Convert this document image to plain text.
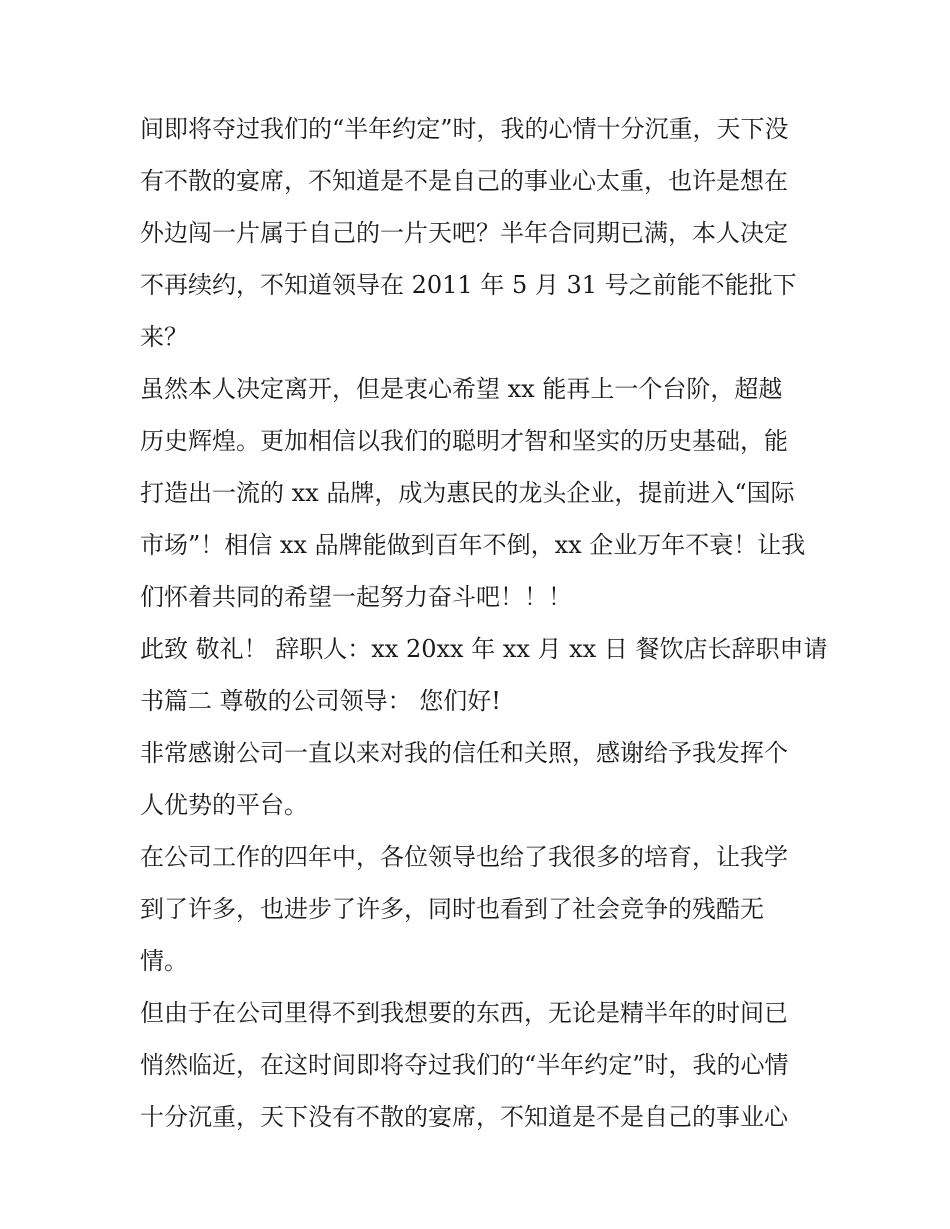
间即将夺过我们的“半年约定”时，我的心情十分沉重，天下没
有不散的宴席，不知道是不是自己的事业心太重，也许是想在
外边闯一片属于自己的一片天吧？半年合同期已满，本人决定
不再续约，不知道领导在 2011 年 5 月 31 号之前能不能批下
来？
虽然本人决定离开，但是衷心希望 xx 能再上一个台阶，超越
历史辉煌。更加相信以我们的聪明才智和坚实的历史基础，能
打造出一流的 xx 品牌，成为惠民的龙头企业，提前进入“国际
市场”！相信 xx 品牌能做到百年不倒，xx 企业万年不衰！让我
们怀着共同的希望一起努力奋斗吧！！！
此致 敬礼！ 辞职人：xx 20xx 年 xx 月 xx 日 餐饮店长辞职申请
书篇二 尊敬的公司领导： 您们好!
非常感谢公司一直以来对我的信任和关照，感谢给予我发挥个
人优势的平台。
在公司工作的四年中，各位领导也给了我很多的培育，让我学
到了许多，也进步了许多，同时也看到了社会竞争的残酷无
情。
但由于在公司里得不到我想要的东西，无论是精半年的时间已
悄然临近，在这时间即将夺过我们的“半年约定”时，我的心情
十分沉重，天下没有不散的宴席，不知道是不是自己的事业心
